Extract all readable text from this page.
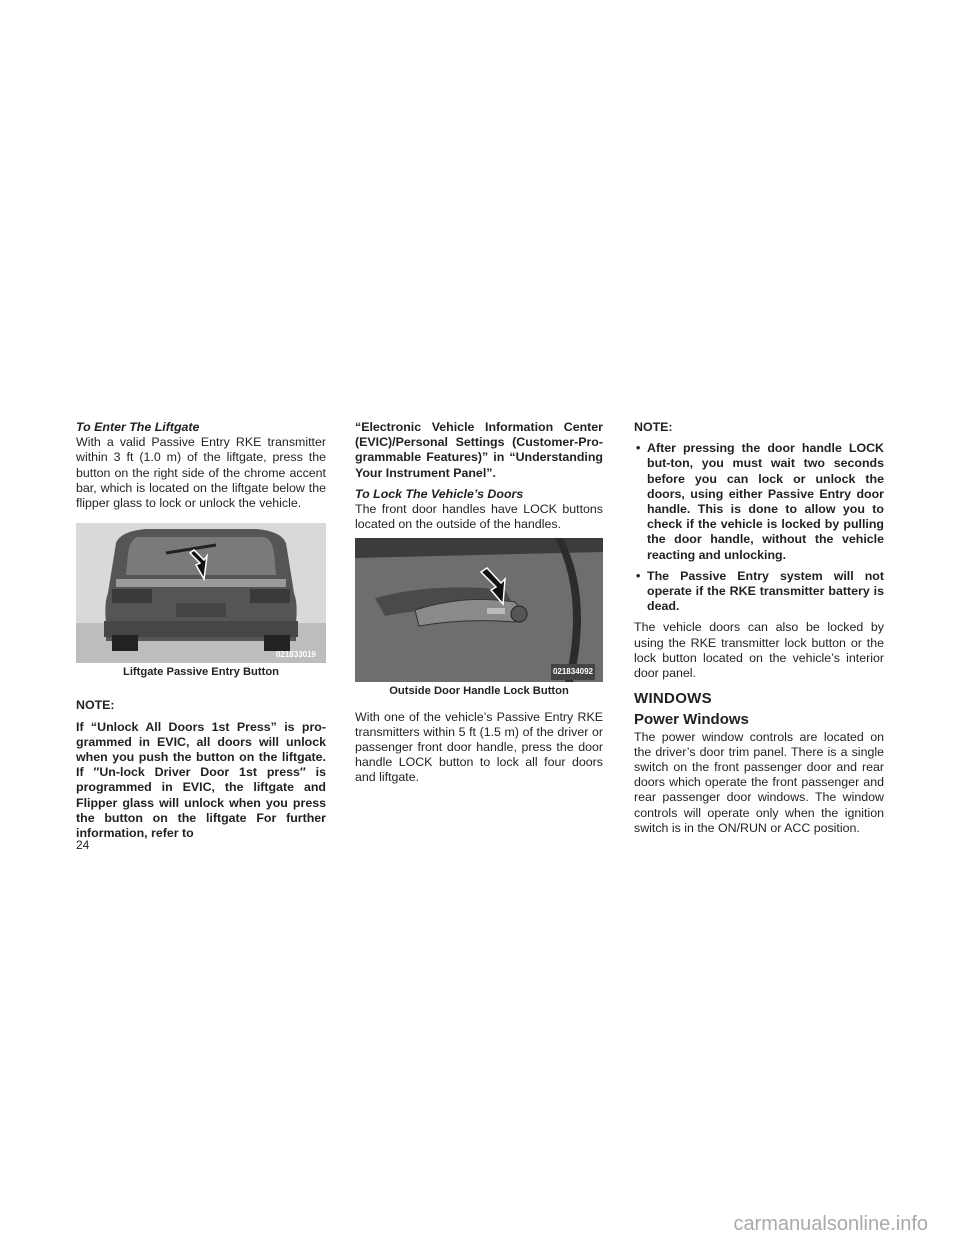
To Enter The Liftgate

With a valid Passive Entry RKE transmitter within 3 ft (1.0 m) of the liftgate, press the button on the right side of the chrome accent bar, which is located on the liftgate below the flipper glass to lock or unlock the vehicle.

021833019
Liftgate Passive Entry Button
NOTE:

If “Unlock All Doors 1st Press” is pro-grammed in EVIC, all doors will unlock when you push the button on the liftgate. If ″Un-lock Driver Door 1st press″ is programmed in EVIC, the liftgate and Flipper glass will unlock when you press the button on the liftgate For further information, refer to

“Electronic Vehicle Information Center (EVIC)/Personal Settings (Customer-Pro-grammable Features)” in “Understanding Your Instrument Panel”.

To Lock The Vehicle’s Doors

The front door handles have LOCK buttons located on the outside of the handles.

021834092
Outside Door Handle Lock Button

With one of the vehicle’s Passive Entry RKE transmitters within 5 ft (1.5 m) of the driver or passenger front door handle, press the door handle LOCK button to lock all four doors and liftgate.

NOTE:
• After pressing the door handle LOCK but-ton, you must wait two seconds before you can lock or unlock the doors, using either Passive Entry door handle. This is done to allow you to check if the vehicle is locked by pulling the door handle, without the vehicle reacting and unlocking.
• The Passive Entry system will not operate if the RKE transmitter battery is dead.

The vehicle doors can also be locked by using the RKE transmitter lock button or the lock button located on the vehicle’s interior door panel.

WINDOWS
Power Windows

The power window controls are located on the driver’s door trim panel. There is a single switch on the front passenger door and rear doors which operate the front passenger and rear passenger door windows. The window controls will operate only when the ignition switch is in the ON/RUN or ACC position.

24
carmanualsonline.info
